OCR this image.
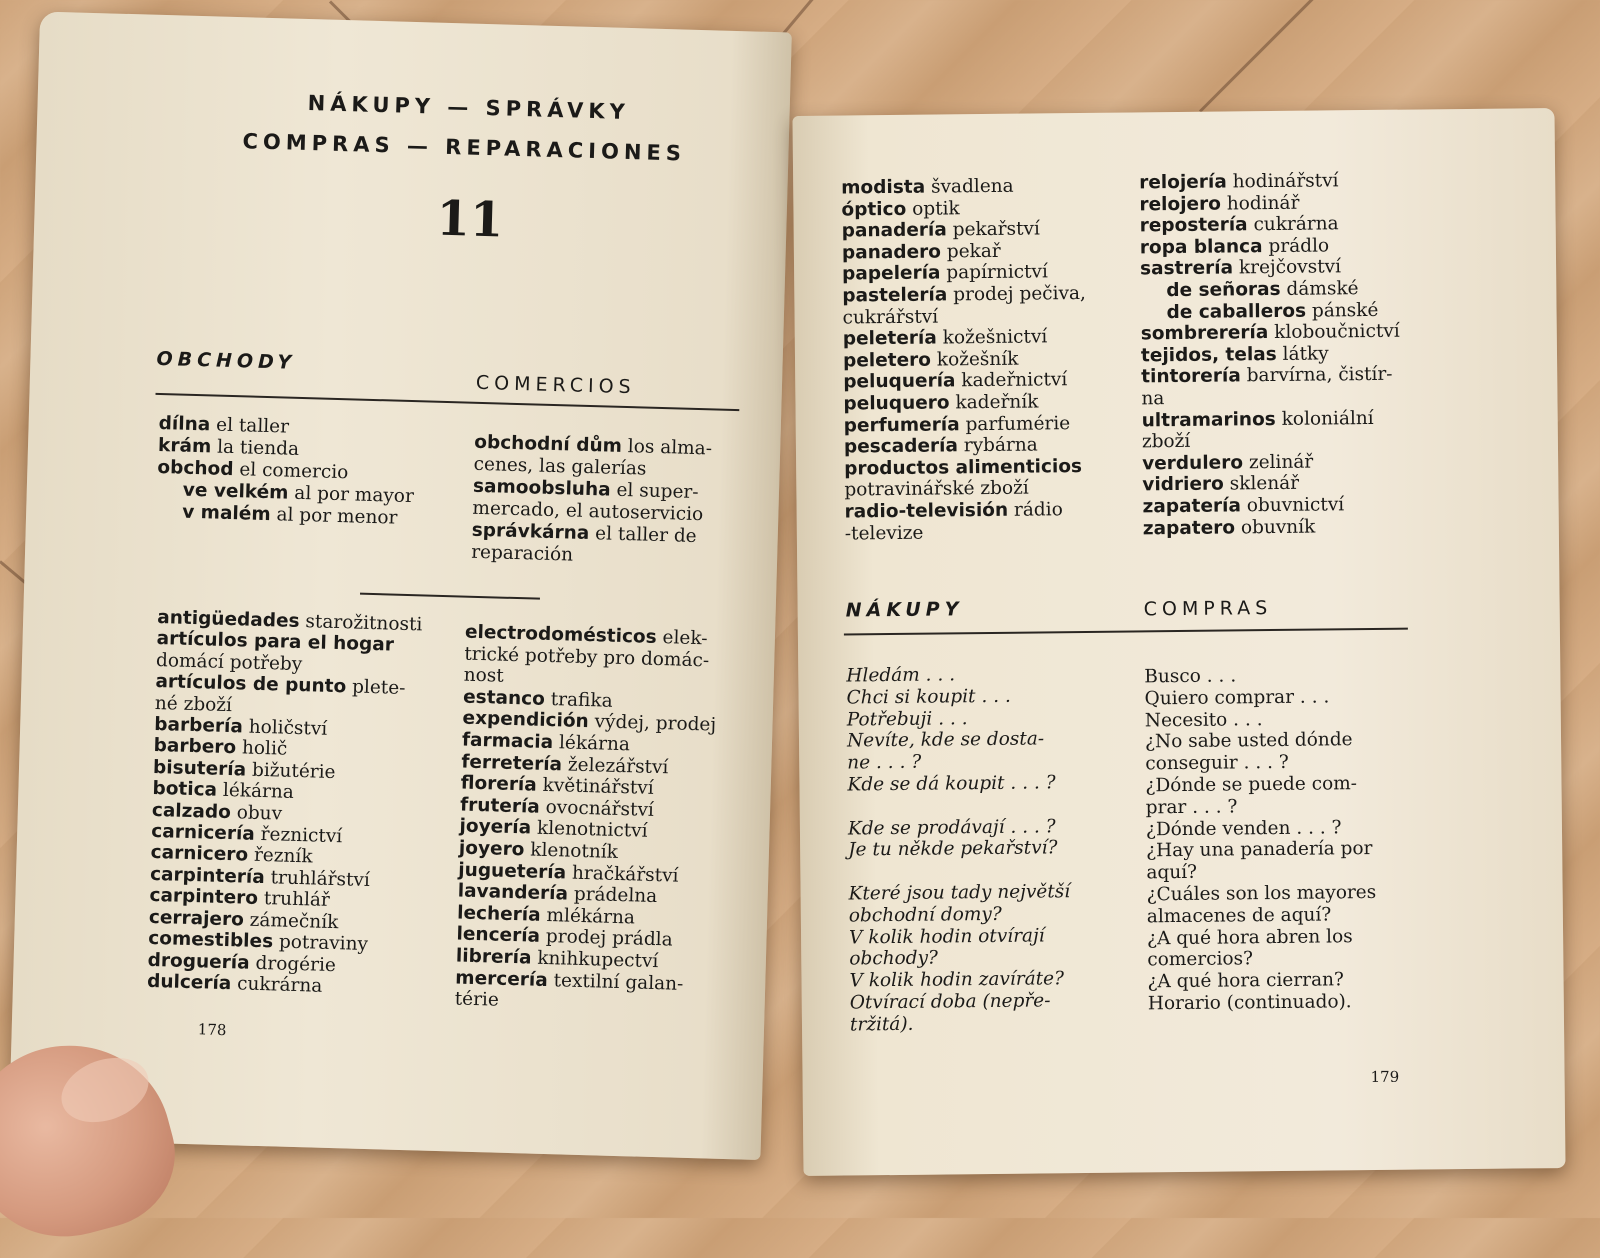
NÁKUPY — SPRÁVKY
COMPRAS — REPARACIONES
11
OBCHODY
COMERCIOS
dílna el taller
krám la tienda
obchod el comercio
ve velkém al por mayor
v malém al por menor
obchodní dům los alma-
cenes, las galerías
samoobsluha el super-
mercado, el autoservicio
správkárna el taller de
reparación
antigüedades starožitnosti
artículos para el hogar
domácí potřeby
artículos de punto plete-
né zboží
barbería holičství
barbero holič
bisutería bižutérie
botica lékárna
calzado obuv
carnicería řeznictví
carnicero řezník
carpintería truhlářství
carpintero truhlář
cerrajero zámečník
comestibles potraviny
droguería drogérie
dulcería cukrárna
electrodomésticos elek-
trické potřeby pro domác-
nost
estanco trafika
expendición výdej, prodej
farmacia lékárna
ferretería železářství
florería květinářství
frutería ovocnářství
joyería klenotnictví
joyero klenotník
juguetería hračkářství
lavandería prádelna
lechería mlékárna
lencería prodej prádla
librería knihkupectví
mercería textilní galan-
térie
178
modista švadlena
óptico optik
panadería pekařství
panadero pekař
papelería papírnictví
pastelería prodej pečiva,
cukrářství
peletería kožešnictví
peletero kožešník
peluquería kadeřnictví
peluquero kadeřník
perfumería parfumérie
pescadería rybárna
productos alimenticios
potravinářské zboží
radio-televisión rádio
-televize
relojería hodinářství
relojero hodinář
repostería cukrárna
ropa blanca prádlo
sastrería krejčovství
de señoras dámské
de caballeros pánské
sombrerería kloboučnictví
tejidos, telas látky
tintorería barvírna, čistír-
na
ultramarinos koloniální
zboží
verdulero zelinář
vidriero sklenář
zapatería obuvnictví
zapatero obuvník
NÁKUPY	COMPRAS
Hledám . . .
Chci si koupit . . .
Potřebuji . . .
Nevíte, kde se dosta-
ne . . . ?
Kde se dá koupit . . . ?

Kde se prodávají . . . ?
Je tu někde pekařství?

Které jsou tady největší
obchodní domy?
V kolik hodin otvírají
obchody?
V kolik hodin zavíráte?
Otvírací doba (nepře-
tržitá).
Busco . . .
Quiero comprar . . .
Necesito . . .
¿No sabe usted dónde
conseguir . . . ?
¿Dónde se puede com-
prar . . . ?
¿Dónde venden . . . ?
¿Hay una panadería por
aquí?
¿Cuáles son los mayores
almacenes de aquí?
¿A qué hora abren los
comercios?
¿A qué hora cierran?
Horario (continuado).
179
